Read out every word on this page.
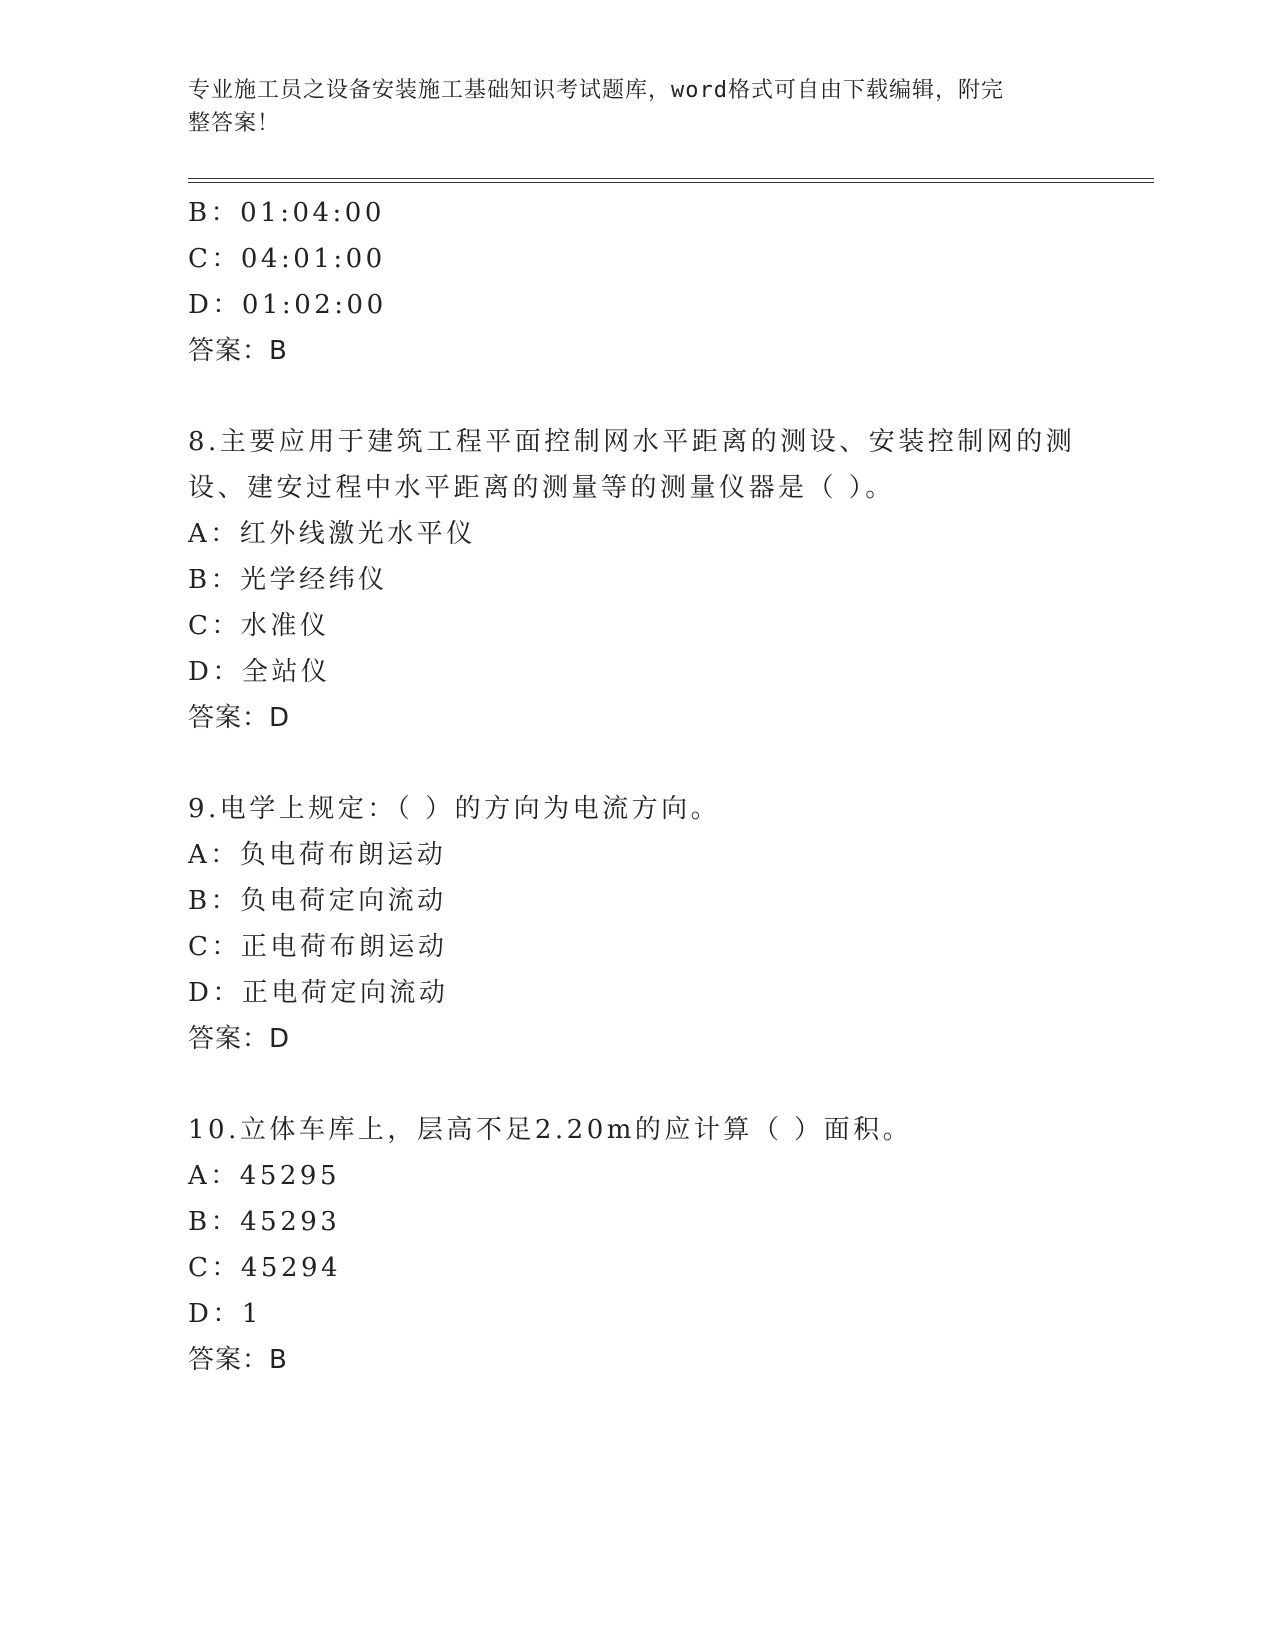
专业施工员之设备安装施工基础知识考试题库，word格式可自由下载编辑，附完
整答案！
B：01:04:00
C：04:01:00
D：01:02:00
答案：B
8.主要应用于建筑工程平面控制网水平距离的测设、安装控制网的测
设、建安过程中水平距离的测量等的测量仪器是（ ）。
A：红外线激光水平仪
B：光学经纬仪
C：水准仪
D：全站仪
答案：D
9.电学上规定：（ ）的方向为电流方向。
A：负电荷布朗运动
B：负电荷定向流动
C：正电荷布朗运动
D：正电荷定向流动
答案：D
10.立体车库上，层高不足2.20m的应计算（ ）面积。
A：45295
B：45293
C：45294
D：1
答案：B
